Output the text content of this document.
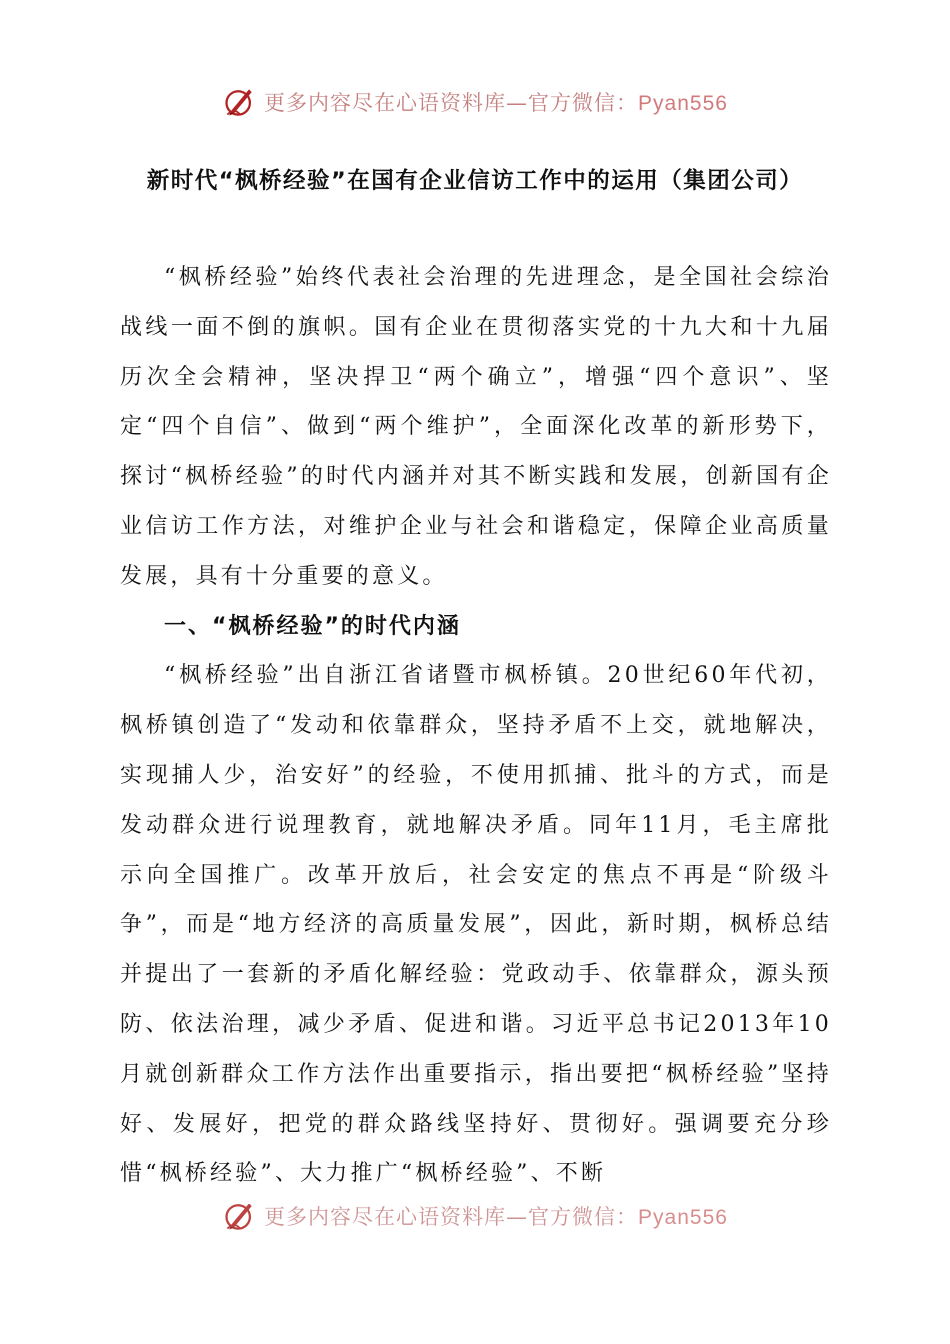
更多内容尽在心语资料库—官方微信：Pyan556
新时代“枫桥经验”在国有企业信访工作中的运用（集团公司）

“枫桥经验”始终代表社会治理的先进理念，是全国社会综治战线一面不倒的旗帜。国有企业在贯彻落实党的十九大和十九届历次全会精神，坚决捍卫“两个确立”，增强“四个意识”、坚定“四个自信”、做到“两个维护”，全面深化改革的新形势下，探讨“枫桥经验”的时代内涵并对其不断实践和发展，创新国有企业信访工作方法，对维护企业与社会和谐稳定，保障企业高质量发展，具有十分重要的意义。

一、“枫桥经验”的时代内涵

“枫桥经验”出自浙江省诸暨市枫桥镇。20世纪60年代初，枫桥镇创造了“发动和依靠群众，坚持矛盾不上交，就地解决，实现捕人少，治安好”的经验，不使用抓捕、批斗的方式，而是发动群众进行说理教育，就地解决矛盾。同年11月，毛主席批示向全国推广。改革开放后，社会安定的焦点不再是“阶级斗争”，而是“地方经济的高质量发展”，因此，新时期，枫桥总结并提出了一套新的矛盾化解经验：党政动手、依靠群众，源头预防、依法治理，减少矛盾、促进和谐。习近平总书记2013年10月就创新群众工作方法作出重要指示，指出要把“枫桥经验”坚持好、发展好，把党的群众路线坚持好、贯彻好。强调要充分珍惜“枫桥经验”、大力推广“枫桥经验”、不断

更多内容尽在心语资料库—官方微信：Pyan556
